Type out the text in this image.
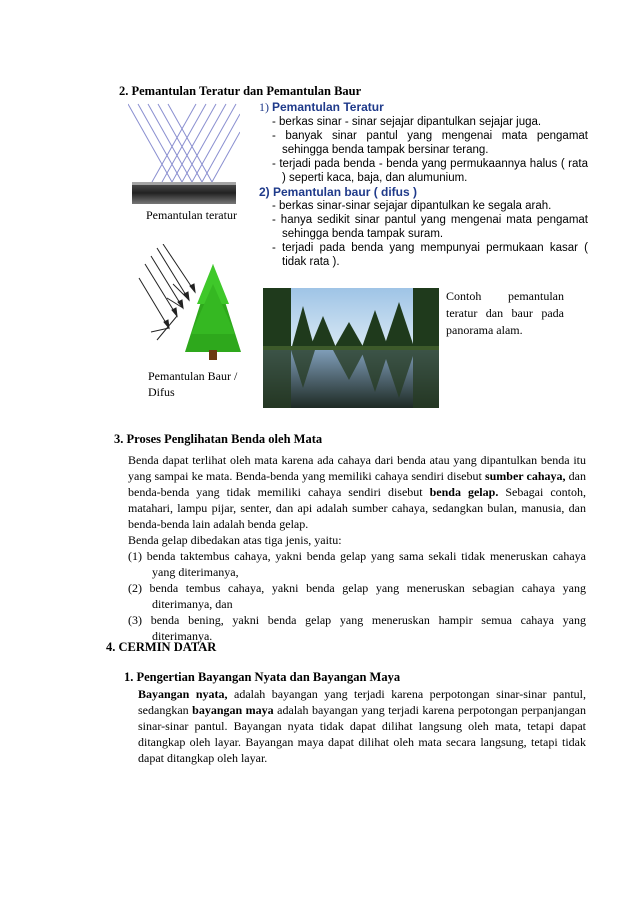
2. Pemantulan Teratur dan Pemantulan Baur
Pemantulan teratur
Pemantulan Baur /
Difus
1) Pemantulan Teratur
- berkas sinar - sinar sejajar dipantulkan sejajar juga.
- banyak sinar pantul yang mengenai mata pengamat sehingga benda tampak bersinar terang.
- terjadi pada benda - benda yang permukaannya halus ( rata ) seperti kaca, baja, dan alumunium.
2) Pemantulan baur ( difus )
- berkas sinar-sinar sejajar dipantulkan ke segala arah.
- hanya sedikit sinar pantul yang mengenai mata pengamat sehingga benda tampak suram.
- terjadi pada benda yang mempunyai permukaan kasar ( tidak rata ).
Contoh pemantulan teratur dan baur pada panorama alam.
3. Proses Penglihatan Benda oleh Mata

Benda dapat terlihat oleh mata karena ada cahaya dari benda atau yang dipantulkan benda itu yang sampai ke mata. Benda-benda yang memiliki cahaya sendiri disebut sumber cahaya, dan benda-benda yang tidak memiliki cahaya sendiri disebut benda gelap. Sebagai contoh, matahari, lampu pijar, senter, dan api adalah sumber cahaya, sedangkan bulan, manusia, dan benda-benda lain adalah benda gelap.

Benda gelap dibedakan atas tiga jenis, yaitu:

(1) benda taktembus cahaya, yakni benda gelap yang sama sekali tidak meneruskan cahaya yang diterimanya,

(2) benda tembus cahaya, yakni benda gelap yang meneruskan sebagian cahaya yang diterimanya, dan

(3) benda bening, yakni benda gelap yang meneruskan hampir semua cahaya yang diterimanya.

4. CERMIN DATAR
1. Pengertian Bayangan Nyata dan Bayangan Maya

Bayangan nyata, adalah bayangan yang terjadi karena perpotongan sinar-sinar pantul, sedangkan bayangan maya adalah bayangan yang terjadi karena perpotongan perpanjangan sinar-sinar pantul. Bayangan nyata tidak dapat dilihat langsung oleh mata, tetapi dapat ditangkap oleh layar. Bayangan maya dapat dilihat oleh mata secara langsung, tetapi tidak dapat ditangkap oleh layar.
